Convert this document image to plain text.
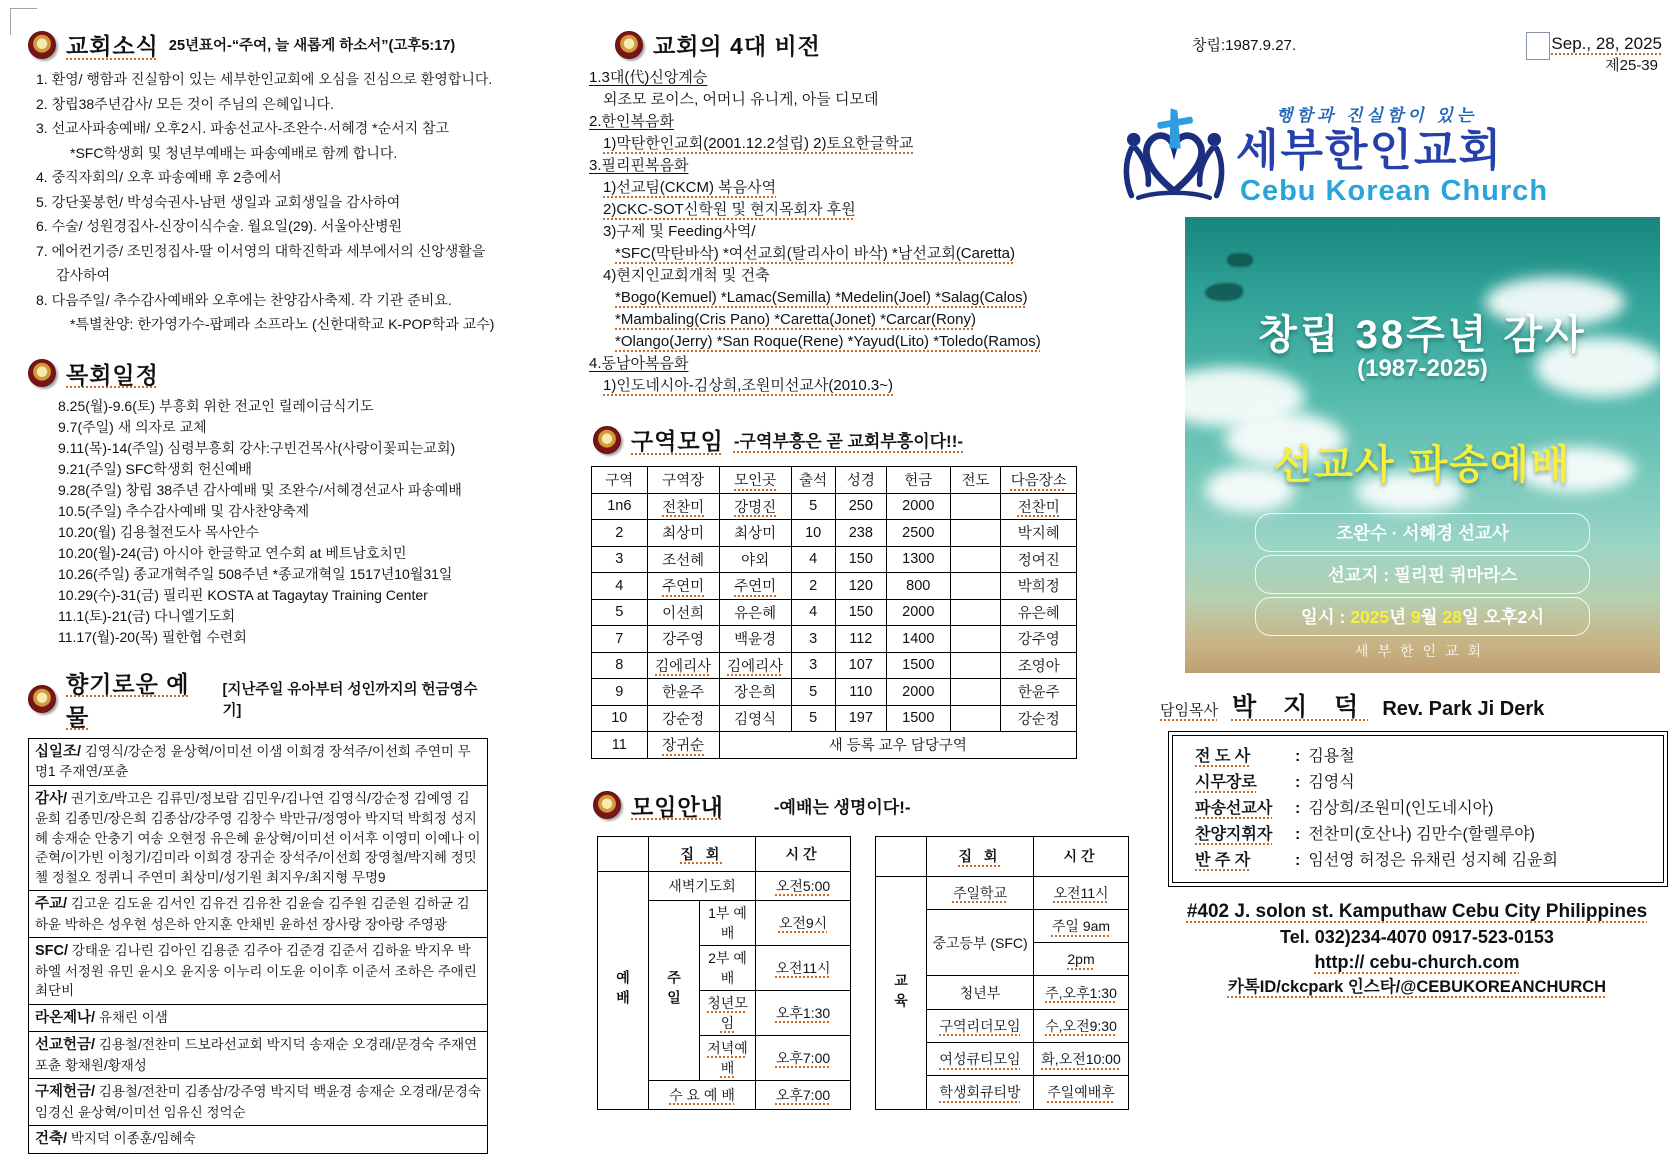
교회소식 25년표어-“주여, 늘 새롭게 하소서”(고후5:17)
1. 환영/ 행함과 진실함이 있는 세부한인교회에 오심을 진심으로 환영합니다.
2. 창립38주년감사/ 모든 것이 주님의 은혜입니다.
3. 선교사파송예배/ 오후2시. 파송선교사-조완수·서혜경 *순서지 참고
*SFC학생회 및 청년부예배는 파송예배로 함께 합니다.
4. 중직자회의/ 오후 파송예배 후 2층에서
5. 강단꽃봉헌/ 박성숙권사-남편 생일과 교회생일을 감사하여
6. 수술/ 성원경집사-신장이식수술. 월요일(29). 서울아산병원
7. 에어컨기증/ 조민정집사-딸 이서영의 대학진학과 세부에서의 신앙생활을 감사하여
8. 다음주일/ 추수감사예배와 오후에는 찬양감사축제. 각 기관 준비요.
*특별찬양: 한가영가수-팝페라 소프라노 (신한대학교 K-POP학과 교수)
목회일정
8.25(월)-9.6(토) 부흥회 위한 전교인 릴레이금식기도
9.7(주일) 새 의자로 교체
9.11(목)-14(주일) 심령부흥회 강사:구빈건목사(사랑이꽃피는교회)
9.21(주일) SFC학생회 헌신예배
9.28(주일) 창립 38주년 감사예배 및 조완수/서혜경선교사 파송예배
10.5(주일) 추수감사예배 및 감사찬양축제
10.20(월) 김용철전도사 목사안수
10.20(월)-24(금) 아시아 한글학교 연수회 at 베트남호치민
10.26(주일) 종교개혁주일 508주년 *종교개혁일 1517년10월31일
10.29(수)-31(금) 필리핀 KOSTA at Tagaytay Training Center
11.1(토)-21(금) 다니엘기도회
11.17(월)-20(목) 필한협 수련회
향기로운 예물
[지난주일 유아부터 성인까지의 헌금영수기]
십일조/ 김영식/강순정 윤상혁/이미선 이샘 이희경 장석주/이선희 주연미 무명1 주재연/포츈
감사/ 권기호/박고은 김류민/정보람 김민우/김나연 김영식/강순정 김예영 김윤희 김종민/장은희 김종삼/강주영 김창수 박만규/정영아 박지덕 박희정 성지혜 송재순 안충기 여송 오현정 유은혜 윤상혁/이미선 이서후 이영미 이예나 이준혁/이가빈 이청기/김미라 이희경 장귀순 장석주/이선희 장영철/박지혜 정밋첼 정철오 정퀴니 주연미 최상미/성기원 최지우/최지형 무명9
주교/ 김고운 김도윤 김서인 김유건 김유찬 김윤슬 김주원 김준원 김하균 김하윤 박하은 성우현 성은하 안지훈 안채빈 윤하선 장사랑 장아랑 주영광
SFC/ 강태운 김나린 김아인 김용준 김주아 김준경 김준서 김하윤 박지우 박하엘 서정원 유민 윤시오 윤지웅 이누리 이도윤 이이후 이준서 조하은 주애린 최단비
라온제나/ 유채린 이샘
선교헌금/ 김용철/전찬미 드보라선교회 박지덕 송재순 오경래/문경숙 주재연 포츈 황채원/황재성
구제헌금/ 김용철/전찬미 김종삼/강주영 박지덕 백윤경 송재순 오경래/문경숙 임경신 윤상혁/이미선 임유신 정억순
건축/ 박지덕 이종훈/임혜숙
교회의 4대 비전
1.3대(代)신앙계승
외조모 로이스, 어머니 유니게, 아들 디모데
2.한인복음화
1)막탄한인교회(2001.12.2설립) 2)토요한글학교
3.필리핀복음화
1)선교팀(CKCM) 복음사역
2)CKC-SOT신학원 및 현지목회자 후원
3)구제 및 Feeding사역/
*SFC(막탄바삭) *여선교회(탈리사이 바삭) *남선교회(Caretta)
4)현지인교회개척 및 건축
*Bogo(Kemuel) *Lamac(Semilla) *Medelin(Joel) *Salag(Calos)
*Mambaling(Cris Pano) *Caretta(Jonet) *Carcar(Rony)
*Olango(Jerry) *San Roque(Rene) *Yayud(Lito) *Toledo(Ramos)
4.동남아복음화
1)인도네시아-김상희,조원미선교사(2010.3~)
구역모임 -구역부흥은 곧 교회부흥이다!!-
구역	구역장	모인곳	출석	성경	헌금	전도	다음장소
1n6	전찬미	강명진	5	250	2000		전찬미
2	최상미	최상미	10	238	2500		박지혜
3	조선혜	야외	4	150	1300		정여진
4	주연미	주연미	2	120	800		박희정
5	이선희	유은혜	4	150	2000		유은혜
7	강주영	백윤경	3	112	1400		강주영
8	김에리사	김에리사	3	107	1500		조영아
9	한윤주	장은희	5	110	2000		한윤주
10	강순정	김영식	5	197	1500		강순정
11	장귀순	새 등록 교우 담당구역					
모임안내	-예배는 생명이다!-
	집 회		시간
예배	새벽기도회		오전5:00
	주일	1부 예배	오전9시
		2부 예배	오전11시
		청년모임	오후1:30
		저녁예배	오후7:00
	수 요 예 배		오후7:00
	집 회	시간
교육	주일학교	오전11시
	중고등부 (SFC)	주일 9am
		2pm
	청년부	주,오후1:30
	구역리더모임	수,오전9:30
	여성큐티모임	화,오전10:00
	학생회큐티방	주일예배후
창립:1987.9.27.	Sep., 28, 2025
제25-39
행함과 진실함이 있는
세부한인교회
Cebu Korean Church
창립 38주년 감사
(1987-2025)
선교사 파송예배
조완수 · 서혜경 선교사
선교지 : 필리핀 퀴마라스
일시 : 2025년 9월 28일 오후2시
세부한인교회
담임목사 박 지 덕 Rev. Park Ji Derk
전 도 사	: 김용철
시무장로	: 김영식
파송선교사	: 김상희/조원미(인도네시아)
찬양지휘자	: 전찬미(호산나) 김만수(할렐루야)
반 주 자	: 임선영 허정은 유채린 성지혜 김윤희
#402 J. solon st. Kamputhaw Cebu City Philippines
Tel. 032)234-4070 0917-523-0153
http:// cebu-church.com
카톡ID/ckcpark 인스타/@CEBUKOREANCHURCH
